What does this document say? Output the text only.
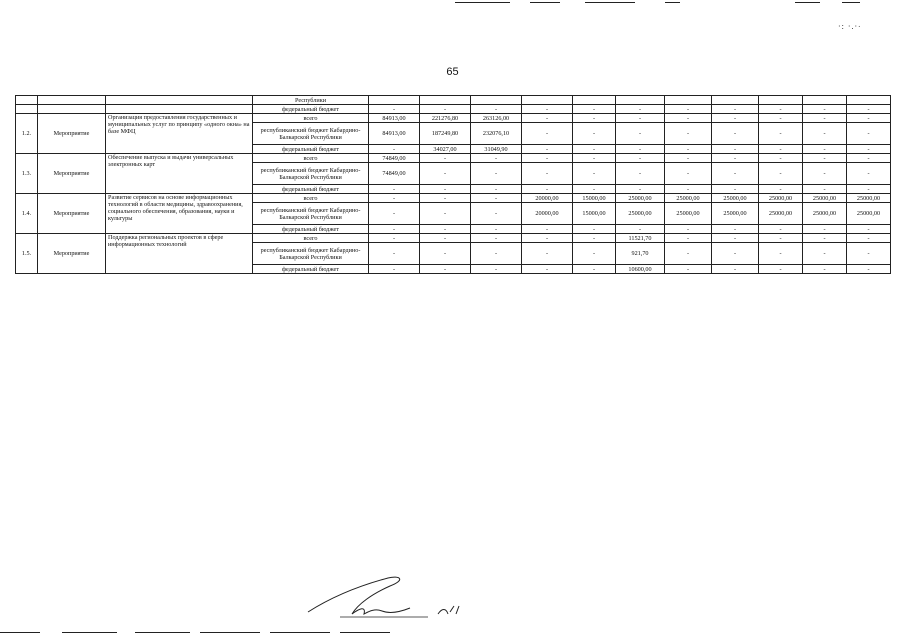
65
·: ·.·∙
			Республики											
			федеральный бюджет	-	-	-	-	-	-	-	-	-	-	-
1.2.	Мероприятие	Организация предоставления государственных и муниципальных услуг по принципу «одного окна» на базе МФЦ	всего	84913,00	221276,80	263126,00	-	-	-	-	-	-	-	-
			республиканский бюджет Кабардино-Балкарской Республики	84913,00	187249,80	232076,10	-	-	-	-	-	-	-	-
			федеральный бюджет	-	34027,00	31049,90	-	-	-	-	-	-	-	-
1.3.	Мероприятие	Обеспечение выпуска и выдачи универсальных электронных карт	всего	74849,00	-	-	-	-	-	-	-	-	-	-
			республиканский бюджет Кабардино-Балкарской Республики	74849,00	-	-	-	-	-	-	-	-	-	-
			федеральный бюджет	-	-	-	-	-	-	-	-	-	-	-
1.4.	Мероприятие	Развитие сервисов на основе информационных технологий в области медицины, здравоохранения, социального обеспечения, образования, науки и культуры	всего	-	-	-	20000,00	15000,00	25000,00	25000,00	25000,00	25000,00	25000,00	25000,00
			республиканский бюджет Кабардино-Балкарской Республики	-	-	-	20000,00	15000,00	25000,00	25000,00	25000,00	25000,00	25000,00	25000,00
			федеральный бюджет	-	-	-	-	-	-	-	-	-	-	-
1.5.	Мероприятие	Поддержка региональных проектов в сфере информационных технологий	всего	-	-	-	-	-	11521,70	-	-	-	-	-
			республиканский бюджет Кабардино-Балкарской Республики	-	-	-	-	-	921,70	-	-	-	-	-
			федеральный бюджет	-	-	-	-	-	10600,00	-	-	-	-	-
